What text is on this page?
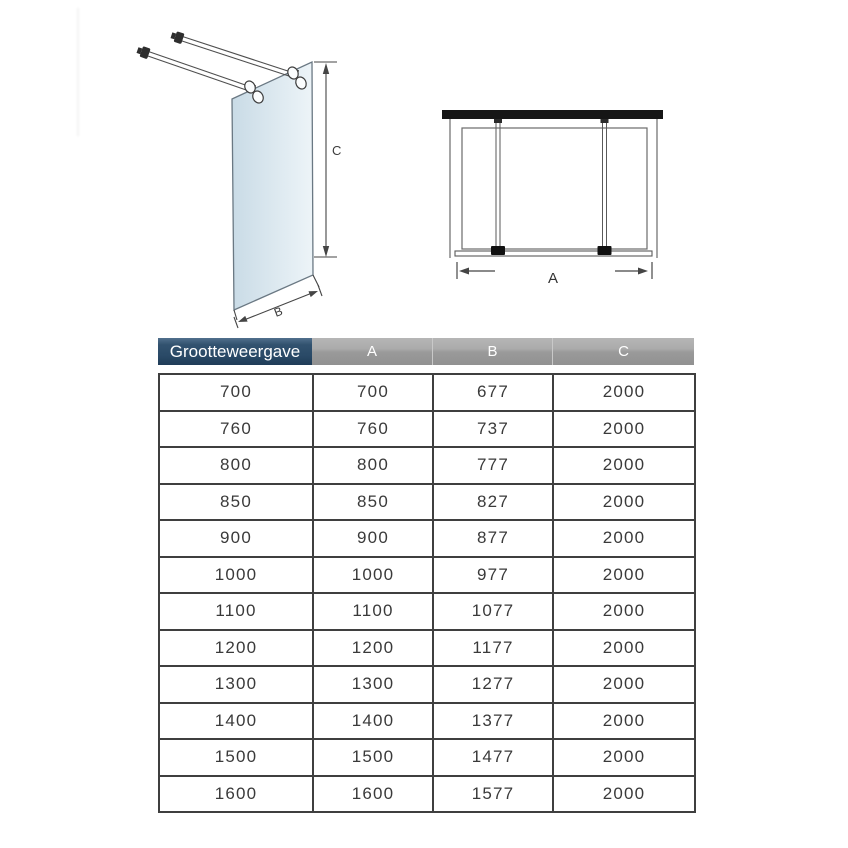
C
B
A
Grootteweergave	A	B	C
700	700	677	2000
760	760	737	2000
800	800	777	2000
850	850	827	2000
900	900	877	2000
1000	1000	977	2000
1100	1100	1077	2000
1200	1200	1177	2000
1300	1300	1277	2000
1400	1400	1377	2000
1500	1500	1477	2000
1600	1600	1577	2000
